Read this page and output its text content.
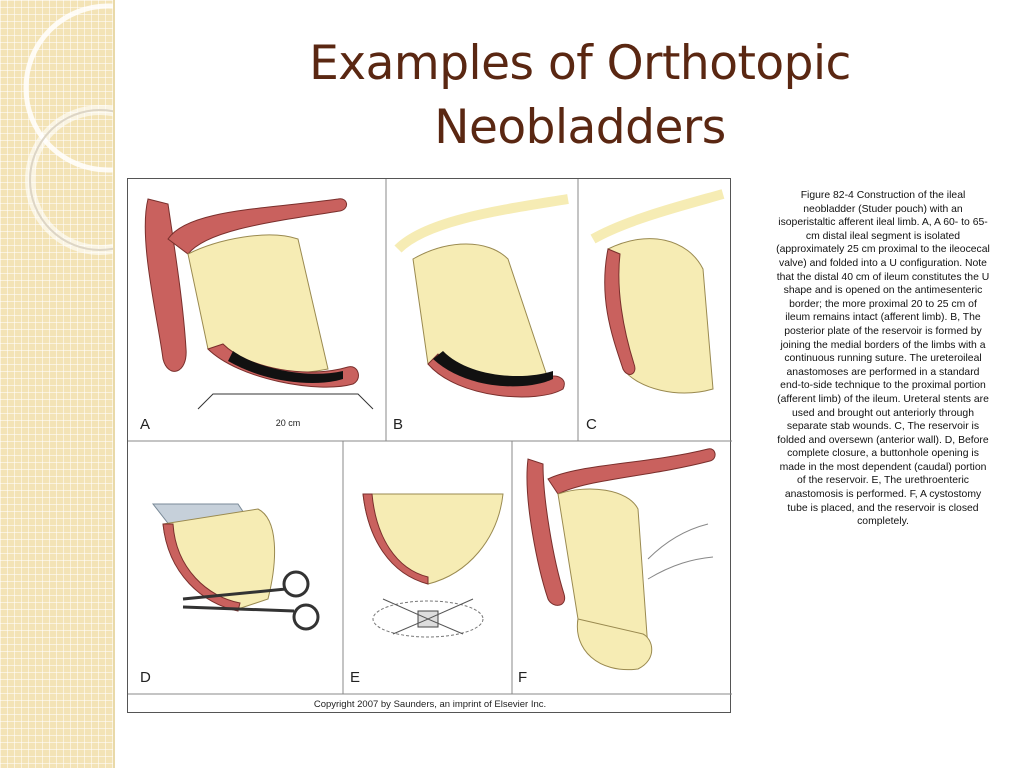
Examples of Orthotopic Neobladders
20 cm
A	B	C
D	E	F
Copyright 2007 by Saunders, an imprint of Elsevier Inc.
Figure 82-4 Construction of the ileal neobladder (Studer pouch) with an isoperistaltic afferent ileal limb. A, A 60- to 65-cm distal ileal segment is isolated (approximately 25 cm proximal to the ileocecal valve) and folded into a U configuration. Note that the distal 40 cm of ileum constitutes the U shape and is opened on the antimesenteric border; the more proximal 20 to 25 cm of ileum remains intact (afferent limb). B, The posterior plate of the reservoir is formed by joining the medial borders of the limbs with a continuous running suture. The ureteroileal anastomoses are performed in a standard end-to-side technique to the proximal portion (afferent limb) of the ileum. Ureteral stents are used and brought out anteriorly through separate stab wounds. C, The reservoir is folded and oversewn (anterior wall). D, Before complete closure, a buttonhole opening is made in the most dependent (caudal) portion of the reservoir. E, The urethroenteric anastomosis is performed. F, A cystostomy tube is placed, and the reservoir is closed completely.
